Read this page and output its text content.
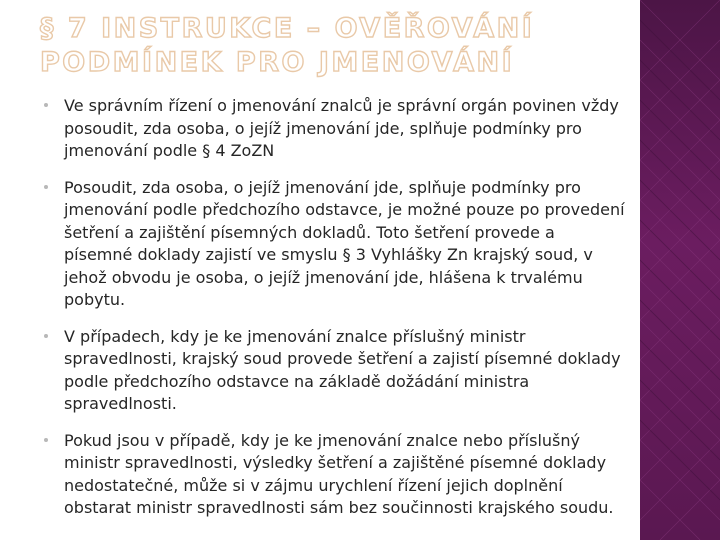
§ 7 INSTRUKCE – OVĚŘOVÁNÍ PODMÍNEK PRO JMENOVÁNÍ
Ve správním řízení o jmenování znalců je správní orgán povinen vždy posoudit, zda osoba, o jejíž jmenování jde, splňuje podmínky pro jmenování podle § 4 ZoZN
Posoudit, zda osoba, o jejíž jmenování jde, splňuje podmínky pro jmenování podle předchozího odstavce, je možné pouze po provedení šetření a zajištění písemných dokladů. Toto šetření provede a písemné doklady zajistí ve smyslu § 3 Vyhlášky Zn krajský soud, v jehož obvodu je osoba, o jejíž jmenování jde, hlášena k trvalému pobytu.
V případech, kdy je ke jmenování znalce příslušný ministr spravedlnosti, krajský soud provede šetření a zajistí písemné doklady podle předchozího odstavce na základě dožádání ministra spravedlnosti.
Pokud jsou v případě, kdy je ke jmenování znalce nebo příslušný ministr spravedlnosti, výsledky šetření a zajištěné písemné doklady nedostatečné, může si v zájmu urychlení řízení jejich doplnění obstarat ministr spravedlnosti sám bez součinnosti krajského soudu.
